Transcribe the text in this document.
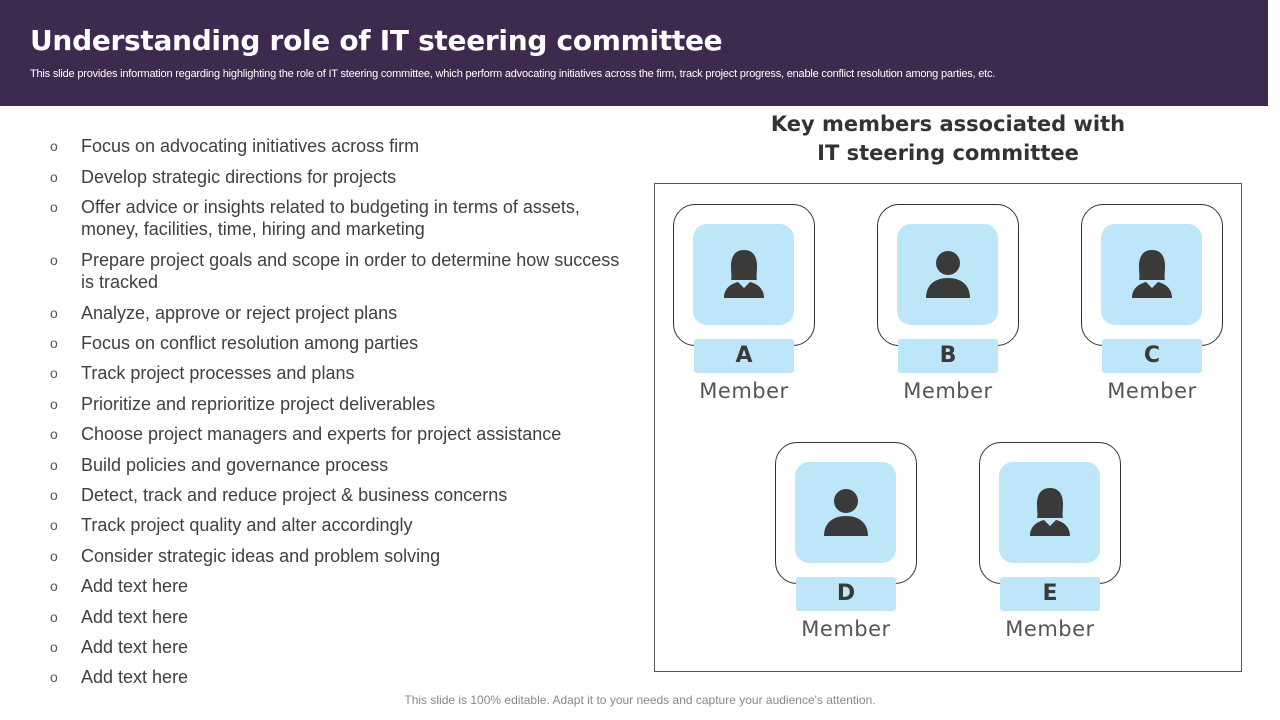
Understanding role of IT steering committee
This slide provides information regarding highlighting the role of IT steering committee, which perform advocating initiatives across the firm, track project progress, enable conflict resolution among parties, etc.
o Focus on advocating initiatives across firm
o Develop strategic directions for projects
o Offer advice or insights related to budgeting in terms of assets, money, facilities, time, hiring and marketing
o Prepare project goals and scope in order to determine how success is tracked
o Analyze, approve or reject project plans
o Focus on conflict resolution among parties
o Track project processes and plans
o Prioritize and reprioritize project deliverables
o Choose project managers and experts for project assistance
o Build policies and governance process
o Detect, track and reduce project & business concerns
o Track project quality and alter accordingly
o Consider strategic ideas and problem solving
o Add text here
o Add text here
o Add text here
o Add text here
Key members associated with
IT steering committee
A
Member
B
Member
C
Member
D
Member
E
Member
This slide is 100% editable. Adapt it to your needs and capture your audience's attention.
